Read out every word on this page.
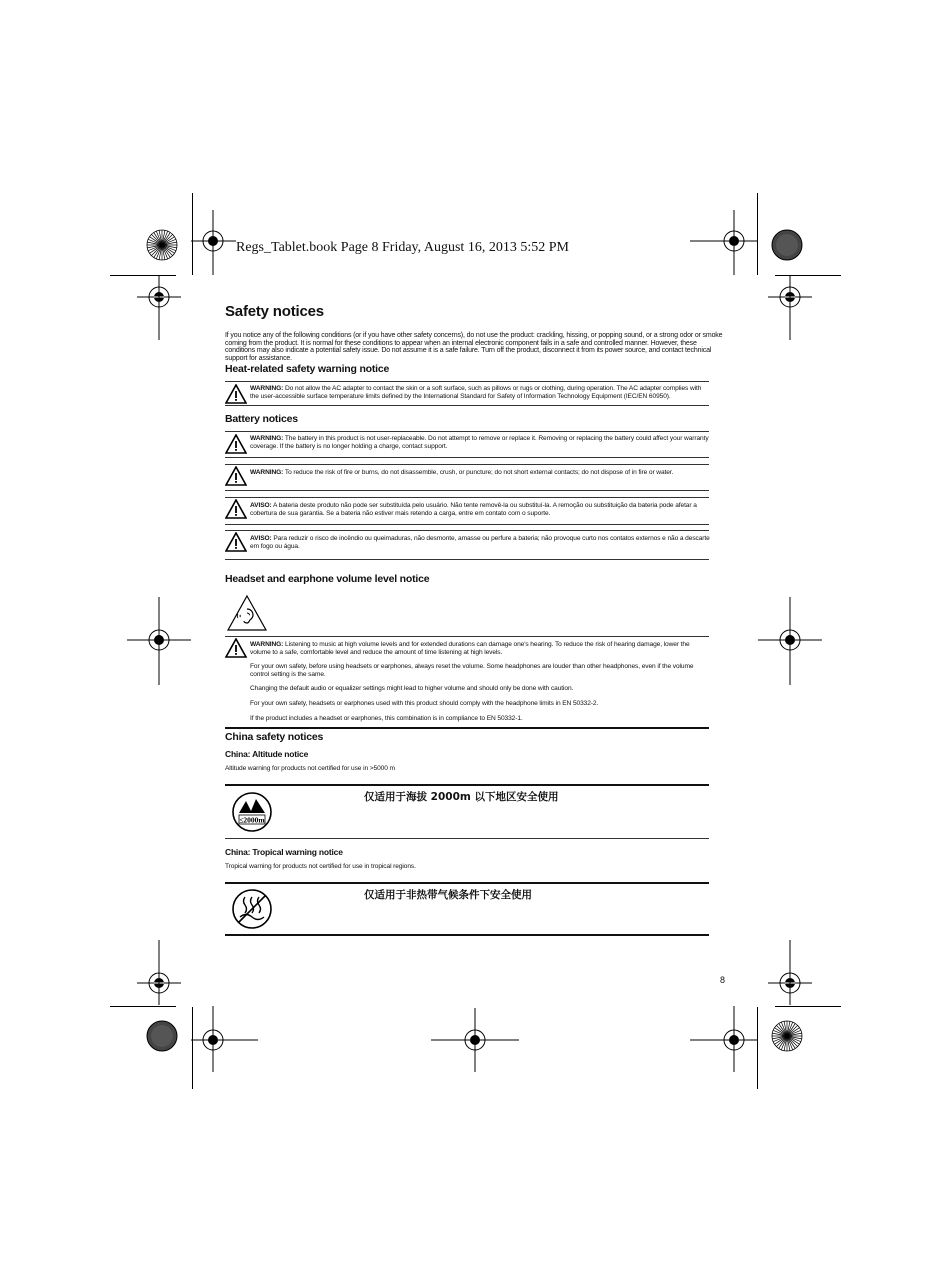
Regs_Tablet.book Page 8 Friday, August 16, 2013 5:52 PM
Safety notices
If you notice any of the following conditions (or if you have other safety concerns), do not use the product: crackling, hissing, or popping sound, or a strong odor or smoke coming from the product. It is normal for these conditions to appear when an internal electronic component fails in a safe and controlled manner. However, these conditions may also indicate a potential safety issue. Do not assume it is a safe failure. Turn off the product, disconnect it from its power source, and contact technical support for assistance.
Heat-related safety warning notice
WARNING: Do not allow the AC adapter to contact the skin or a soft surface, such as pillows or rugs or clothing, during operation. The AC adapter complies with the user-accessible surface temperature limits defined by the International Standard for Safety of Information Technology Equipment (IEC/EN 60950).
Battery notices
WARNING: The battery in this product is not user-replaceable. Do not attempt to remove or replace it. Removing or replacing the battery could affect your warranty coverage. If the battery is no longer holding a charge, contact support.
WARNING: To reduce the risk of fire or burns, do not disassemble, crush, or puncture; do not short external contacts; do not dispose of in fire or water.
AVISO: A bateria deste produto não pode ser substituída pelo usuário. Não tente removê-la ou substituí-la. A remoção ou substituição da bateria pode afetar a cobertura de sua garantia. Se a bateria não estiver mais retendo a carga, entre em contato com o suporte.
AVISO: Para reduzir o risco de incêndio ou queimaduras, não desmonte, amasse ou perfure a bateria; não provoque curto nos contatos externos e não a descarte em fogo ou água.
Headset and earphone volume level notice
WARNING: Listening to music at high volume levels and for extended durations can damage one's hearing. To reduce the risk of hearing damage, lower the volume to a safe, comfortable level and reduce the amount of time listening at high levels.
For your own safety, before using headsets or earphones, always reset the volume. Some headphones are louder than other headphones, even if the volume control setting is the same.
Changing the default audio or equalizer settings might lead to higher volume and should only be done with caution.
For your own safety, headsets or earphones used with this product should comply with the headphone limits in EN 50332-2.
If the product includes a headset or earphones, this combination is in compliance to EN 50332-1.
China safety notices
China: Altitude notice
Altitude warning for products not certified for use in >5000 m
≤2000m
仅适用于海拔 2000m 以下地区安全使用
China: Tropical warning notice
Tropical warning for products not certified for use in tropical regions.
仅适用于非热带气候条件下安全使用
8
